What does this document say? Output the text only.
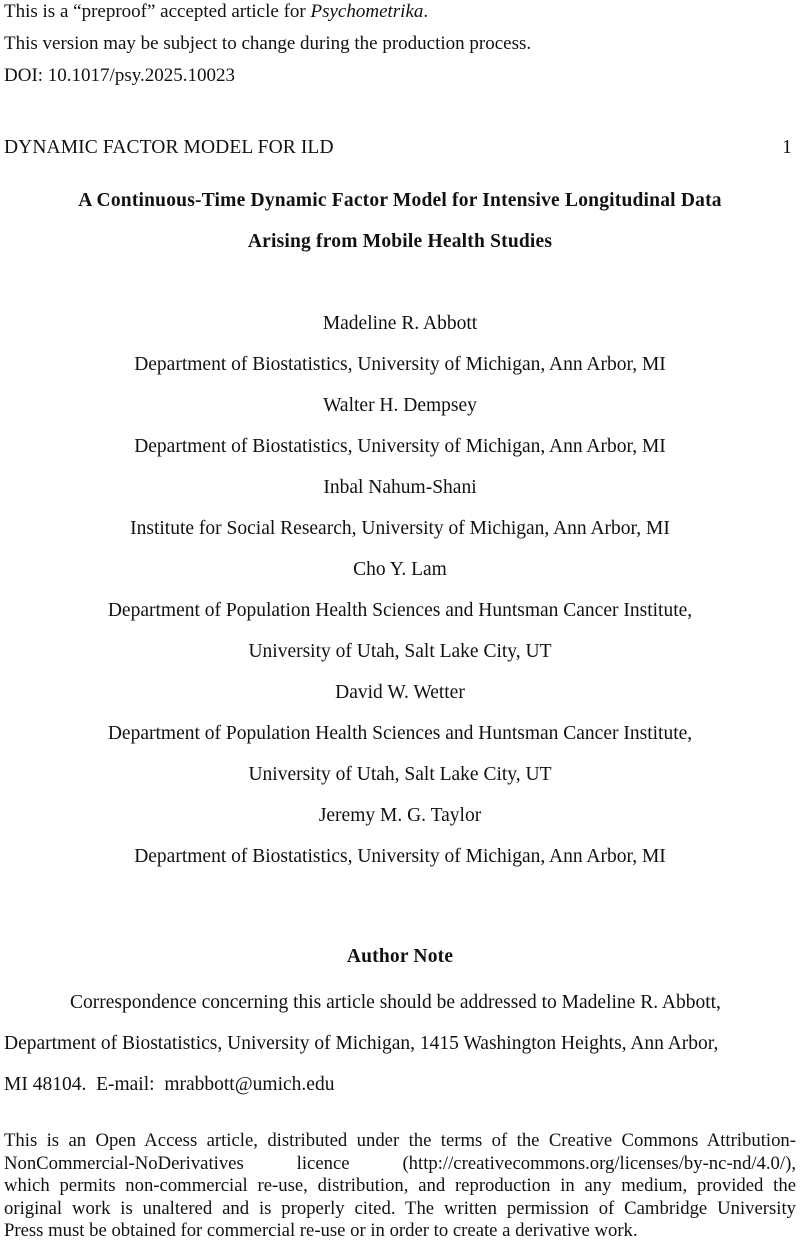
This is a “preproof” accepted article for Psychometrika.
This version may be subject to change during the production process.
DOI: 10.1017/psy.2025.10023
DYNAMIC FACTOR MODEL FOR ILD	1
A Continuous-Time Dynamic Factor Model for Intensive Longitudinal Data
Arising from Mobile Health Studies
Madeline R. Abbott
Department of Biostatistics, University of Michigan, Ann Arbor, MI
Walter H. Dempsey
Department of Biostatistics, University of Michigan, Ann Arbor, MI
Inbal Nahum-Shani
Institute for Social Research, University of Michigan, Ann Arbor, MI
Cho Y. Lam
Department of Population Health Sciences and Huntsman Cancer Institute,
University of Utah, Salt Lake City, UT
David W. Wetter
Department of Population Health Sciences and Huntsman Cancer Institute,
University of Utah, Salt Lake City, UT
Jeremy M. G. Taylor
Department of Biostatistics, University of Michigan, Ann Arbor, MI
Author Note
Correspondence concerning this article should be addressed to Madeline R. Abbott,
Department of Biostatistics, University of Michigan, 1415 Washington Heights, Ann Arbor,
MI 48104.  E-mail:  mrabbott@umich.edu
This is an Open Access article, distributed under the terms of the Creative Commons Attribution-
NonCommercial-NoDerivatives licence (http://creativecommons.org/licenses/by-nc-nd/4.0/),
which permits non-commercial re-use, distribution, and reproduction in any medium, provided the
original work is unaltered and is properly cited. The written permission of Cambridge University
Press must be obtained for commercial re-use or in order to create a derivative work.
